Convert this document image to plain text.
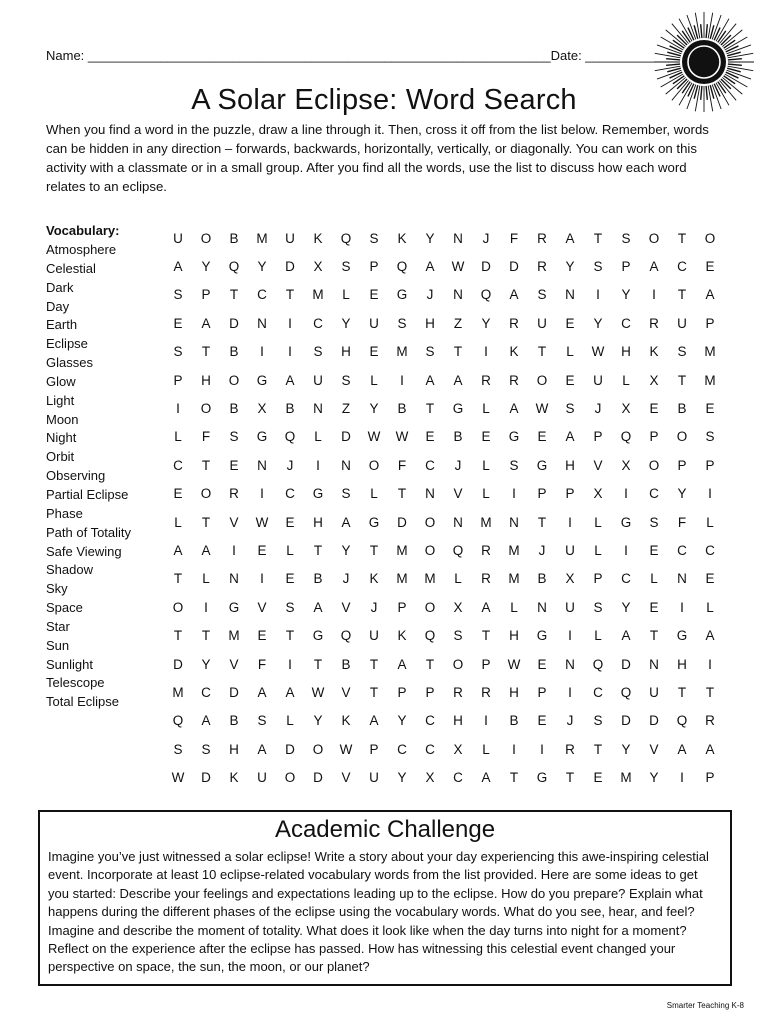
Name: ________________________________________________________________Date: ___________
A Solar Eclipse: Word Search

When you find a word in the puzzle, draw a line through it. Then, cross it off from the list below. Remember, words can be hidden in any direction – forwards, backwards, horizontally, vertically, or diagonally. You can work on this activity with a classmate or in a small group. After you find all the words, use the list to discuss how each word relates to an eclipse.

Vocabulary:
Atmosphere
Celestial
Dark
Day
Earth
Eclipse
Glasses
Glow
Light
Moon
Night
Orbit
Observing
Partial Eclipse
Phase
Path of Totality
Safe Viewing
Shadow
Sky
Space
Star
Sun
Sunlight
Telescope
Total Eclipse
U	O	B	M	U	K	Q	S	K	Y	N	J	F	R	A	T	S	O	T	O
A	Y	Q	Y	D	X	S	P	Q	A	W	D	D	R	Y	S	P	A	C	E
S	P	T	C	T	M	L	E	G	J	N	Q	A	S	N	I	Y	I	T	A
E	A	D	N	I	C	Y	U	S	H	Z	Y	R	U	E	Y	C	R	U	P
S	T	B	I	I	S	H	E	M	S	T	I	K	T	L	W	H	K	S	M
P	H	O	G	A	U	S	L	I	A	A	R	R	O	E	U	L	X	T	M
I	O	B	X	B	N	Z	Y	B	T	G	L	A	W	S	J	X	E	B	E
L	F	S	G	Q	L	D	W	W	E	B	E	G	E	A	P	Q	P	O	S
C	T	E	N	J	I	N	O	F	C	J	L	S	G	H	V	X	O	P	P
E	O	R	I	C	G	S	L	T	N	V	L	I	P	P	X	I	C	Y	I
L	T	V	W	E	H	A	G	D	O	N	M	N	T	I	L	G	S	F	L
A	A	I	E	L	T	Y	T	M	O	Q	R	M	J	U	L	I	E	C	C
T	L	N	I	E	B	J	K	M	M	L	R	M	B	X	P	C	L	N	E
O	I	G	V	S	A	V	J	P	O	X	A	L	N	U	S	Y	E	I	L
T	T	M	E	T	G	Q	U	K	Q	S	T	H	G	I	L	A	T	G	A
D	Y	V	F	I	T	B	T	A	T	O	P	W	E	N	Q	D	N	H	I
M	C	D	A	A	W	V	T	P	P	R	R	H	P	I	C	Q	U	T	T
Q	A	B	S	L	Y	K	A	Y	C	H	I	B	E	J	S	D	D	Q	R
S	S	H	A	D	O	W	P	C	C	X	L	I	I	R	T	Y	V	A	A
W	D	K	U	O	D	V	U	Y	X	C	A	T	G	T	E	M	Y	I	P
Academic Challenge

Imagine you’ve just witnessed a solar eclipse! Write a story about your day experiencing this awe-inspiring celestial event. Incorporate at least 10 eclipse-related vocabulary words from the list provided. Here are some ideas to get you started: Describe your feelings and expectations leading up to the eclipse. How do you prepare? Explain what happens during the different phases of the eclipse using the vocabulary words. What do you see, hear, and feel? Imagine and describe the moment of totality. What does it look like when the day turns into night for a moment? Reflect on the experience after the eclipse has passed. How has witnessing this celestial event changed your perspective on space, the sun, the moon, or our planet?

Smarter Teaching K-8
